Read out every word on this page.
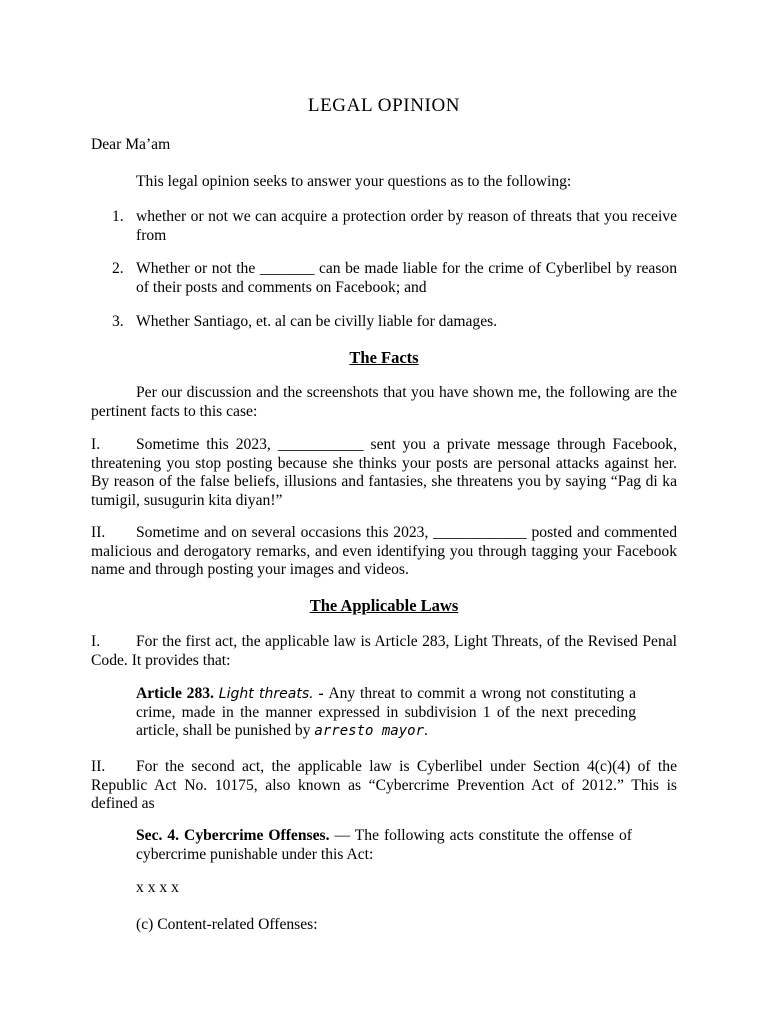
LEGAL OPINION
Dear Ma’am
This legal opinion seeks to answer your questions as to the following:
1. whether or not we can acquire a protection order by reason of threats that you receive from

2. Whether or not the _______ can be made liable for the crime of Cyberlibel by reason of their posts and comments on Facebook; and

3. Whether Santiago, et. al can be civilly liable for damages.

The Facts

Per our discussion and the screenshots that you have shown me, the following are the pertinent facts to this case:

I.	Sometime this 2023, ___________ sent you a private message through Facebook, threatening you stop posting because she thinks your posts are personal attacks against her. By reason of the false beliefs, illusions and fantasies, she threatens you by saying “Pag di ka tumigil, susugurin kita diyan!”

II.	Sometime and on several occasions this 2023, ____________ posted and commented malicious and derogatory remarks, and even identifying you through tagging your Facebook name and through posting your images and videos.

The Applicable Laws
I.	For the first act, the applicable law is Article 283, Light Threats, of the Revised Penal Code. It provides that:

Article 283. Light threats. - Any threat to commit a wrong not constituting a crime, made in the manner expressed in subdivision 1 of the next preceding article, shall be punished by arresto mayor.

II.	For the second act, the applicable law is Cyberlibel under Section 4(c)(4) of the Republic Act No. 10175, also known as “Cybercrime Prevention Act of 2012.” This is defined as

Sec. 4. Cybercrime Offenses. — The following acts constitute the offense of cybercrime punishable under this Act:

x x x x
(c) Content-related Offenses:
